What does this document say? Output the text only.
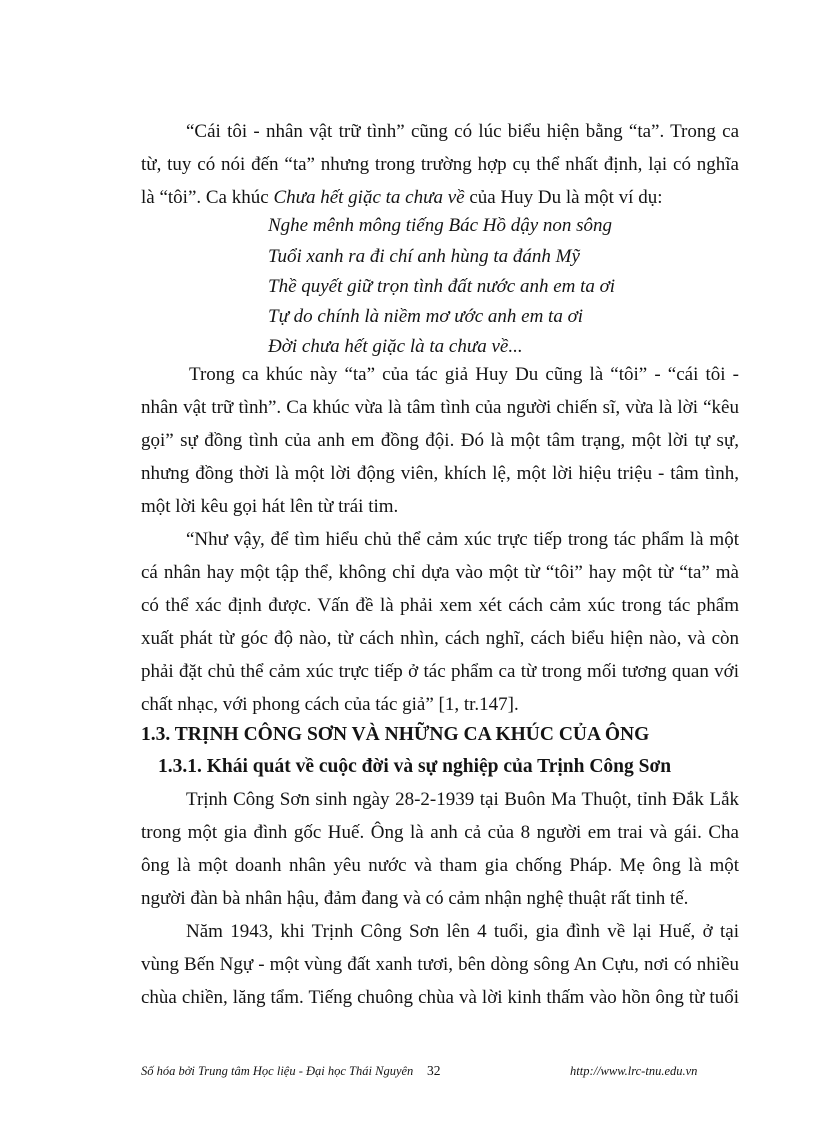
“Cái tôi - nhân vật trữ tình” cũng có lúc biểu hiện bằng “ta”. Trong ca

từ, tuy có nói đến “ta” nhưng trong trường hợp cụ thể nhất định, lại có nghĩa

là “tôi”. Ca khúc Chưa hết giặc ta chưa về của Huy Du là một ví dụ:

Nghe mênh mông tiếng Bác Hồ dậy non sông

Tuổi xanh ra đi chí anh hùng ta đánh Mỹ

Thề quyết giữ trọn tình đất nước anh em ta ơi

Tự do chính là niềm mơ ước anh em ta ơi

Đời chưa hết giặc là ta chưa về...

Trong ca khúc này “ta” của tác giả Huy Du cũng là “tôi” - “cái tôi -

nhân vật trữ tình”. Ca khúc vừa là tâm tình của người chiến sĩ, vừa là lời “kêu

gọi” sự đồng tình của anh em đồng đội. Đó là một tâm trạng, một lời tự sự,

nhưng đồng thời là một lời động viên, khích lệ, một lời hiệu triệu - tâm tình,

một lời kêu gọi hát lên từ trái tim.

“Như vậy, để tìm hiểu chủ thể cảm xúc trực tiếp trong tác phẩm là một

cá nhân hay một tập thể, không chỉ dựa vào một từ “tôi” hay một từ “ta” mà

có thể xác định được. Vấn đề là phải xem xét cách cảm xúc trong tác phẩm

xuất phát từ góc độ nào, từ cách nhìn, cách nghĩ, cách biểu hiện nào, và còn

phải đặt chủ thể cảm xúc trực tiếp ở tác phẩm ca từ trong mối tương quan với

chất nhạc, với phong cách của tác giả” [1, tr.147].

1.3. TRỊNH CÔNG SƠN VÀ NHỮNG CA KHÚC CỦA ÔNG

1.3.1. Khái quát về cuộc đời và sự nghiệp của Trịnh Công Sơn

Trịnh Công Sơn sinh ngày 28-2-1939 tại Buôn Ma Thuột, tỉnh Đắk Lắk

trong một gia đình gốc Huế. Ông là anh cả của 8 người em trai và gái. Cha

ông là một doanh nhân yêu nước và tham gia chống Pháp. Mẹ ông là một

người đàn bà nhân hậu, đảm đang và có cảm nhận nghệ thuật rất tinh tế.

Năm 1943, khi Trịnh Công Sơn lên 4 tuổi, gia đình về lại Huế, ở tại

vùng Bến Ngự - một vùng đất xanh tươi, bên dòng sông An Cựu, nơi có nhiều

chùa chiền, lăng tẩm. Tiếng chuông chùa và lời kinh thấm vào hồn ông từ tuổi

Số hóa bởi Trung tâm Học liệu - Đại học Thái Nguyên 32	http://www.lrc-tnu.edu.vn
